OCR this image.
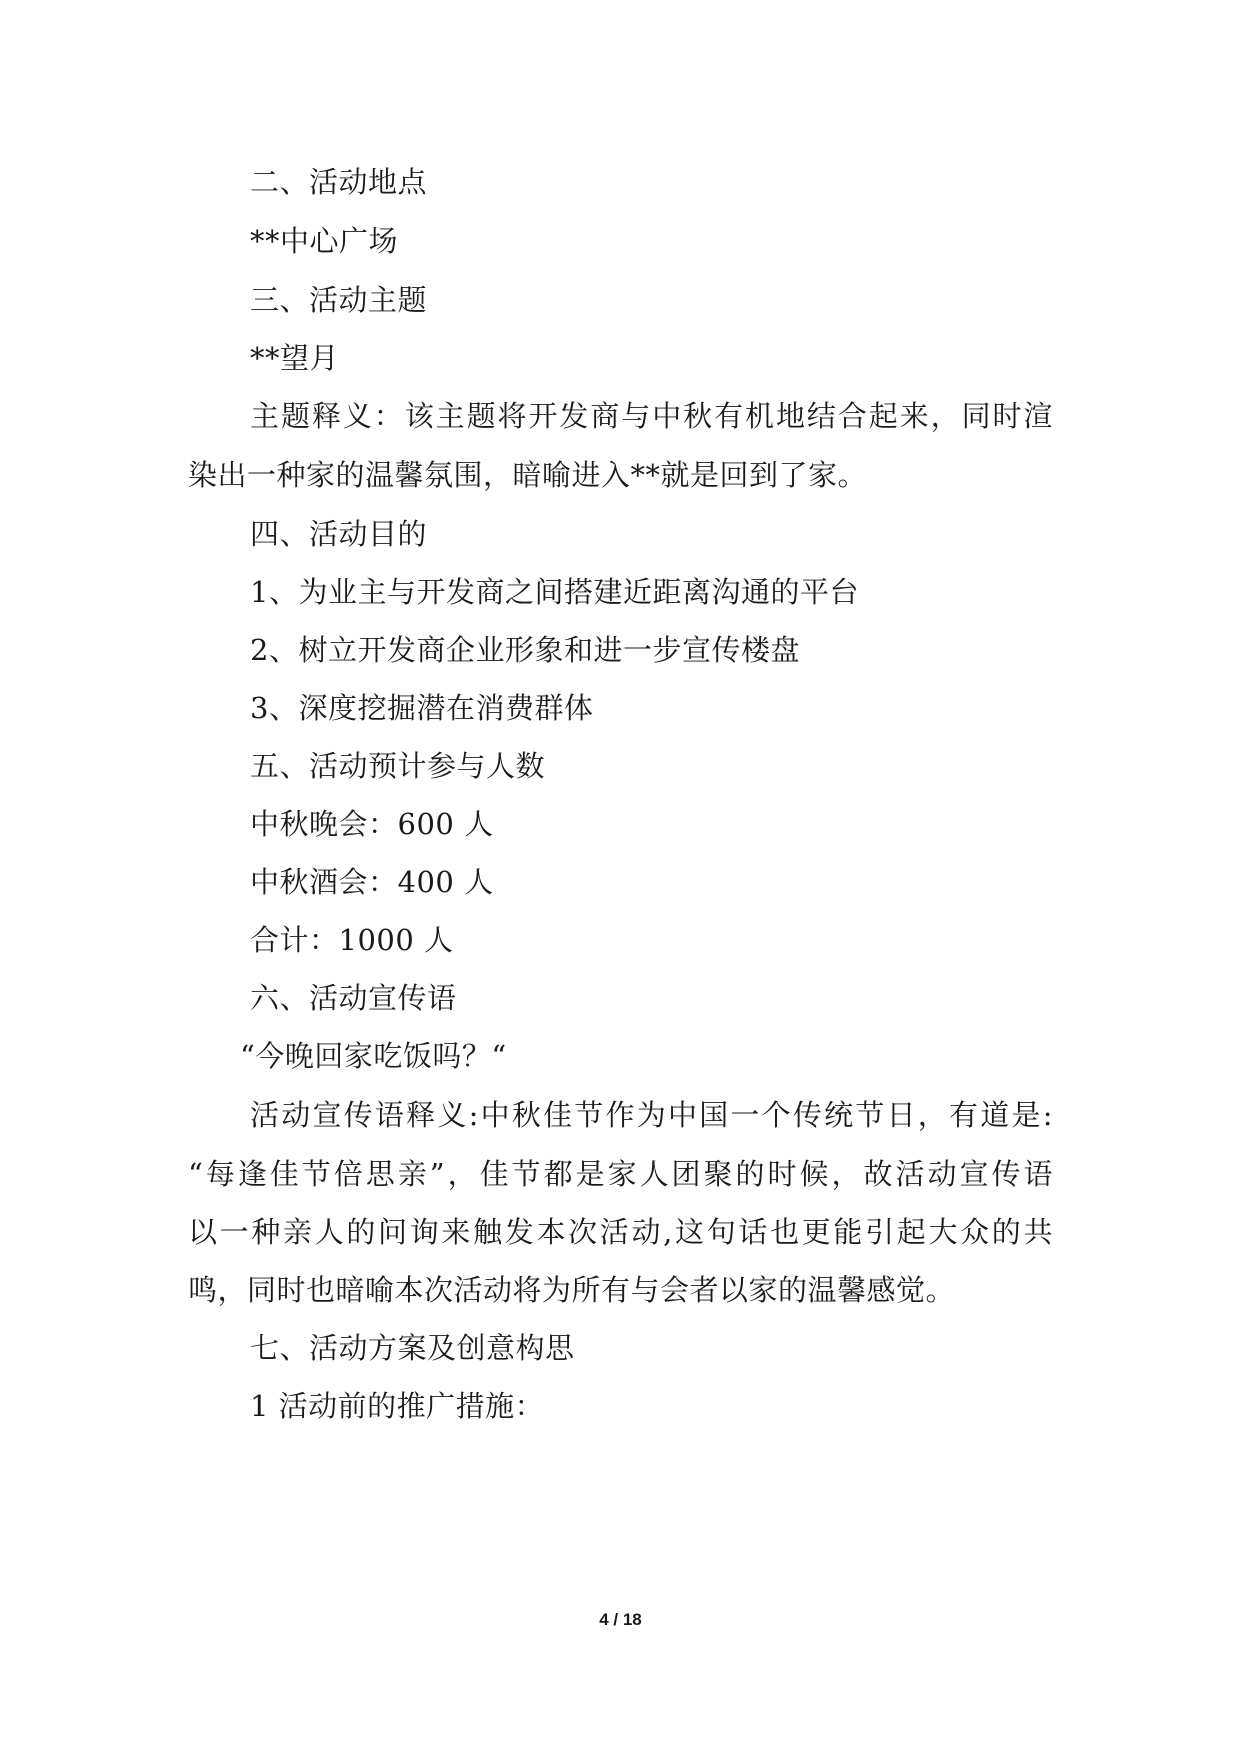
二、活动地点
**中心广场
三、活动主题
**望月
主题释义：该主题将开发商与中秋有机地结合起来，同时渲
染出一种家的温馨氛围，暗喻进入**就是回到了家。
四、活动目的
1、为业主与开发商之间搭建近距离沟通的平台
2、树立开发商企业形象和进一步宣传楼盘
3、深度挖掘潜在消费群体
五、活动预计参与人数
中秋晚会：600 人
中秋酒会：400 人
合计：1000 人
六、活动宣传语
“今晚回家吃饭吗？“
活动宣传语释义:中秋佳节作为中国一个传统节日，有道是:
“每逢佳节倍思亲”，佳节都是家人团聚的时候，故活动宣传语
以一种亲人的问询来触发本次活动,这句话也更能引起大众的共
鸣，同时也暗喻本次活动将为所有与会者以家的温馨感觉。
七、活动方案及创意构思
1 活动前的推广措施：
4 / 18
